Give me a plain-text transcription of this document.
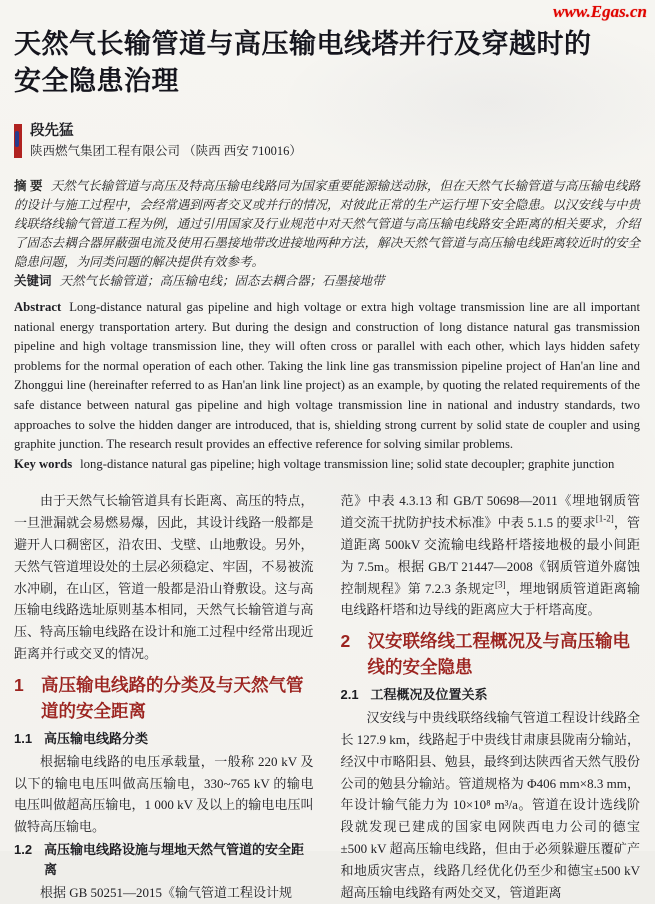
www.Egas.cn
天然气长输管道与高压输电线塔并行及穿越时的安全隐患治理
段先猛
陕西燃气集团工程有限公司 （陕西 西安 710016）
摘 要 天然气长输管道与高压及特高压输电线路同为国家重要能源输送动脉，但在天然气长输管道与高压输电线路的设计与施工过程中，会经常遇到两者交叉或并行的情况，对彼此正常的生产运行埋下安全隐患。以汉安线与中贵线联络线输气管道工程为例，通过引用国家及行业规范中对天然气管道与高压输电线路安全距离的相关要求，介绍了固态去耦合器屏蔽强电流及使用石墨接地带改进接地两种方法，解决天然气管道与高压输电线距离较近时的安全隐患问题，为同类问题的解决提供有效参考。
关键词 天然气长输管道；高压输电线；固态去耦合器；石墨接地带
Abstract Long-distance natural gas pipeline and high voltage or extra high voltage transmission line are all important national energy transportation artery. But during the design and construction of long distance natural gas transmission pipeline and high voltage transmission line, they will often cross or parallel with each other, which lays hidden safety problems for the normal operation of each other. Taking the link line gas transmission pipeline project of Han'an line and Zhonggui line (hereinafter referred to as Han'an link line project) as an example, by quoting the related requirements of the safe distance between natural gas pipeline and high voltage transmission line in national and industry standards, two approaches to solve the hidden danger are introduced, that is, shielding strong current by solid state de coupler and using graphite junction. The research result provides an effective reference for solving similar problems.
Key words long-distance natural gas pipeline; high voltage transmission line; solid state decoupler; graphite junction

由于天然气长输管道具有长距离、高压的特点，一旦泄漏就会易燃易爆，因此，其设计线路一般都是避开人口稠密区，沿农田、戈壁、山地敷设。另外，天然气管道埋设处的土层必须稳定、牢固，不易被流水冲刷，在山区，管道一般都是沿山脊敷设。这与高压输电线路选址原则基本相同，天然气长输管道与高压、特高压输电线路在设计和施工过程中经常出现近距离并行或交叉的情况。

1 高压输电线路的分类及与天然气管道的安全距离
1.1 高压输电线路分类

根据输电线路的电压承载量，一般称 220 kV 及以下的输电电压叫做高压输电，330~765 kV 的输电电压叫做超高压输电，1 000 kV 及以上的输电电压叫做特高压输电。

1.2 高压输电线路设施与埋地天然气管道的安全距离

根据 GB 50251—2015《输气管道工程设计规

范》中表 4.3.13 和 GB/T 50698—2011《埋地钢质管道交流干扰防护技术标准》中表 5.1.5 的要求[1-2]，管道距离 500kV 交流输电线路杆塔接地极的最小间距为 7.5m。根据 GB/T 21447—2008《钢质管道外腐蚀控制规程》第 7.2.3 条规定[3]，埋地钢质管道距离输电线路杆塔和边导线的距离应大于杆塔高度。

2 汉安联络线工程概况及与高压输电线的安全隐患
2.1 工程概况及位置关系

汉安线与中贵线联络线输气管道工程设计线路全长 127.9 km，线路起于中贵线甘肃康县陇南分输站，经汉中市略阳县、勉县，最终到达陕西省天然气股份公司的勉县分输站。管道规格为 Φ406 mm×8.3 mm，年设计输气能力为 10×10⁸ m³/a。管道在设计选线阶段就发现已建成的国家电网陕西电力公司的德宝±500 kV 超高压输电线路，但由于必须躲避压覆矿产和地质灾害点，线路几经优化仍至少和德宝±500 kV 超高压输电线路有两处交叉，管道距离
